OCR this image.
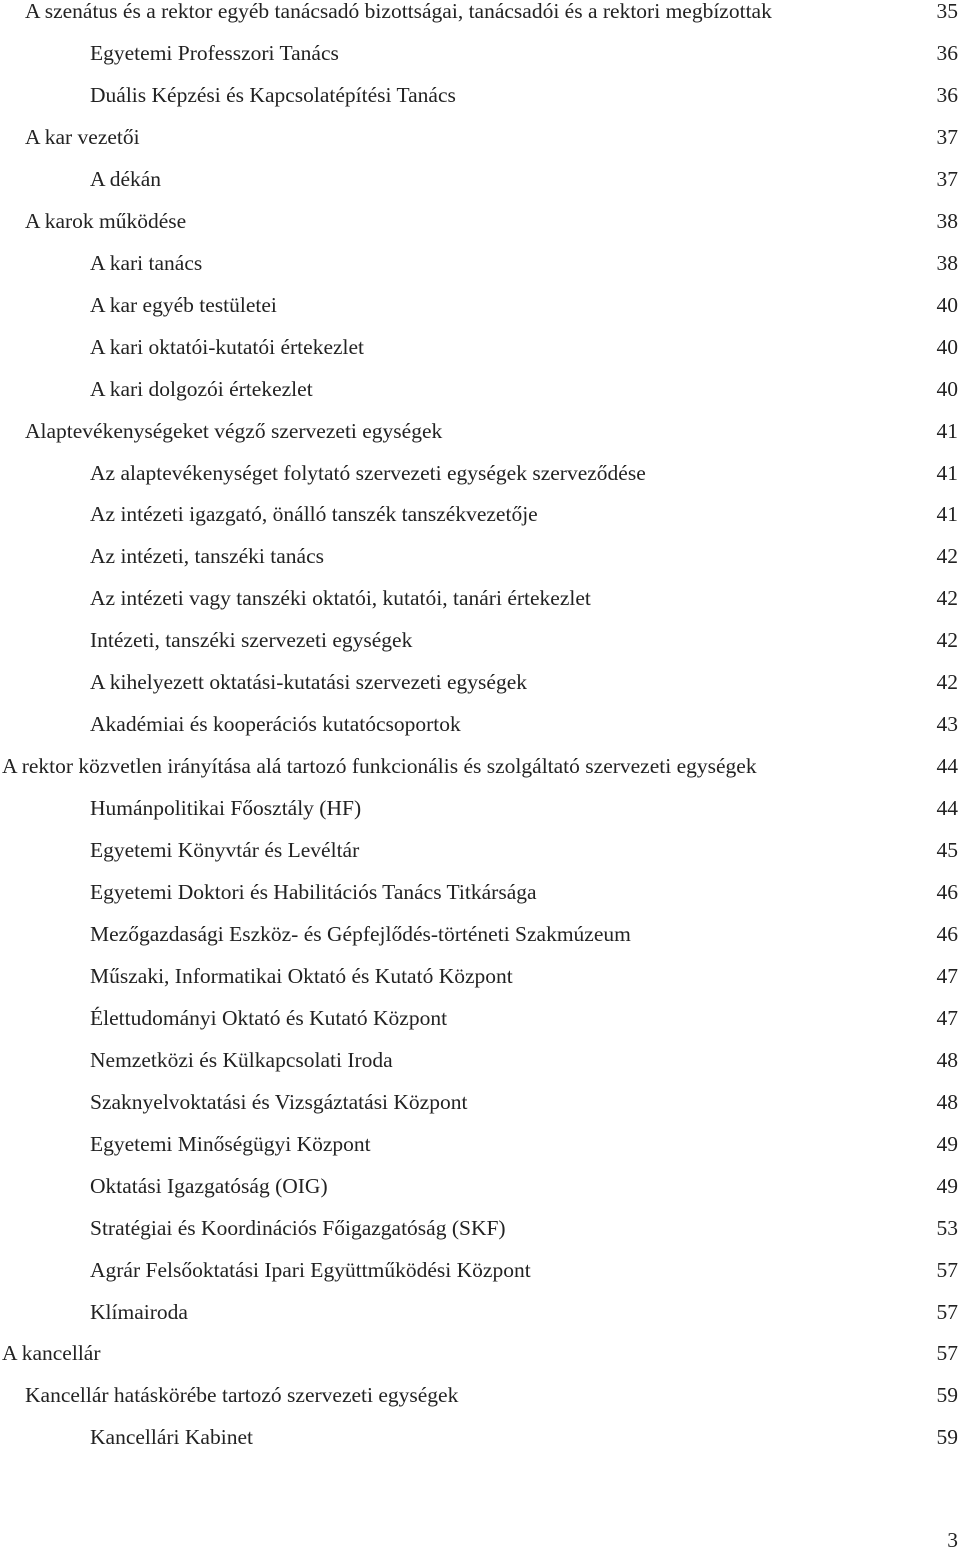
A szenátus és a rektor egyéb tanácsadó bizottságai, tanácsadói és a rektori megbízottak	35
Egyetemi Professzori Tanács	36
Duális Képzési és Kapcsolatépítési Tanács	36
A kar vezetői	37
A dékán	37
A karok működése	38
A kari tanács	38
A kar egyéb testületei	40
A kari oktatói-kutatói értekezlet	40
A kari dolgozói értekezlet	40
Alaptevékenységeket végző szervezeti egységek	41
Az alaptevékenységet folytató szervezeti egységek szerveződése	41
Az intézeti igazgató, önálló tanszék tanszékvezetője	41
Az intézeti, tanszéki tanács	42
Az intézeti vagy tanszéki oktatói, kutatói, tanári értekezlet	42
Intézeti, tanszéki szervezeti egységek	42
A kihelyezett oktatási-kutatási szervezeti egységek	42
Akadémiai és kooperációs kutatócsoportok	43
A rektor közvetlen irányítása alá tartozó funkcionális és szolgáltató szervezeti egységek	44
Humánpolitikai Főosztály (HF)	44
Egyetemi Könyvtár és Levéltár	45
Egyetemi Doktori és Habilitációs Tanács Titkársága	46
Mezőgazdasági Eszköz- és Gépfejlődés-történeti Szakmúzeum	46
Műszaki, Informatikai Oktató és Kutató Központ	47
Élettudományi Oktató és Kutató Központ	47
Nemzetközi és Külkapcsolati Iroda	48
Szaknyelvoktatási és Vizsgáztatási Központ	48
Egyetemi Minőségügyi Központ	49
Oktatási Igazgatóság (OIG)	49
Stratégiai és Koordinációs Főigazgatóság (SKF)	53
Agrár Felsőoktatási Ipari Együttműködési Központ	57
Klímairoda	57
A kancellár	57
Kancellár hatáskörébe tartozó szervezeti egységek	59
Kancellári Kabinet	59
3
